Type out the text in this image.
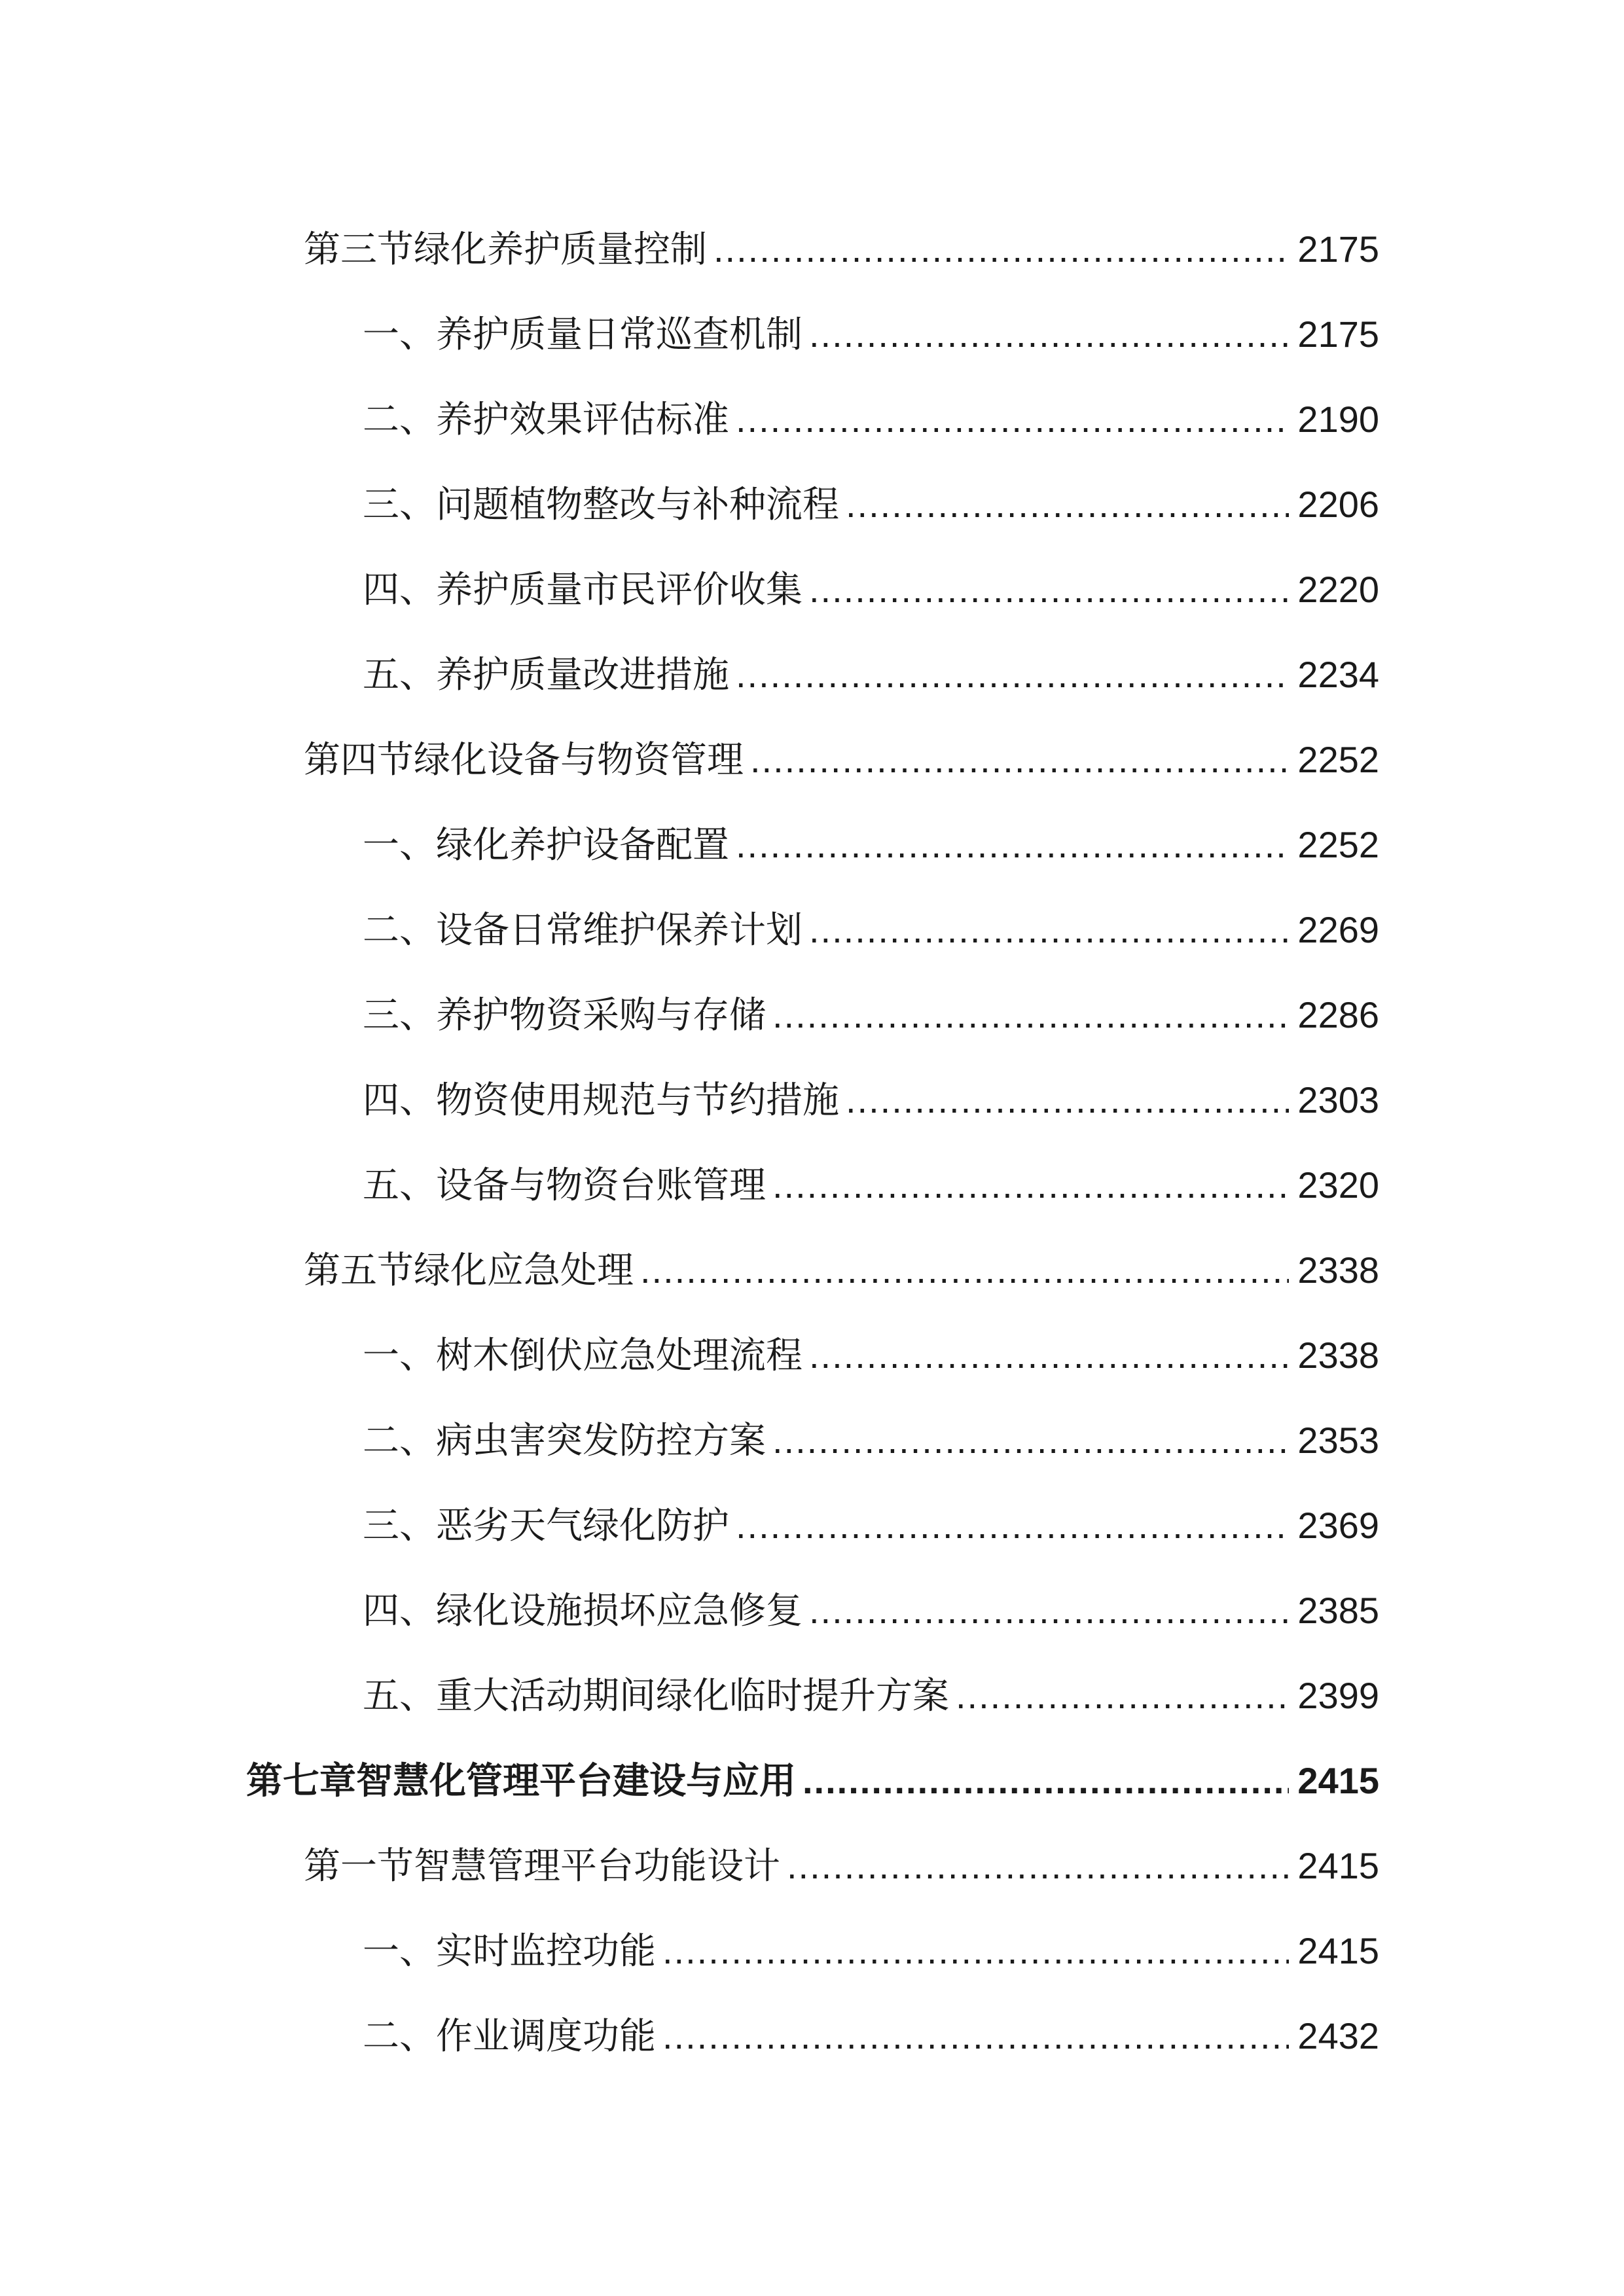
第三节绿化养护质量控制 .....	2175
一、养护质量日常巡查机制 .....	2175
二、养护效果评估标准 .....	2190
三、问题植物整改与补种流程 .....	2206
四、养护质量市民评价收集 .....	2220
五、养护质量改进措施 .....	2234
第四节绿化设备与物资管理 .....	2252
一、绿化养护设备配置 .....	2252
二、设备日常维护保养计划 .....	2269
三、养护物资采购与存储 .....	2286
四、物资使用规范与节约措施 .....	2303
五、设备与物资台账管理 .....	2320
第五节绿化应急处理 .....	2338
一、树木倒伏应急处理流程 .....	2338
二、病虫害突发防控方案 .....	2353
三、恶劣天气绿化防护 .....	2369
四、绿化设施损坏应急修复 .....	2385
五、重大活动期间绿化临时提升方案 .....	2399
第七章智慧化管理平台建设与应用 .....	2415
第一节智慧管理平台功能设计 .....	2415
一、实时监控功能 .....	2415
二、作业调度功能 .....	2432
